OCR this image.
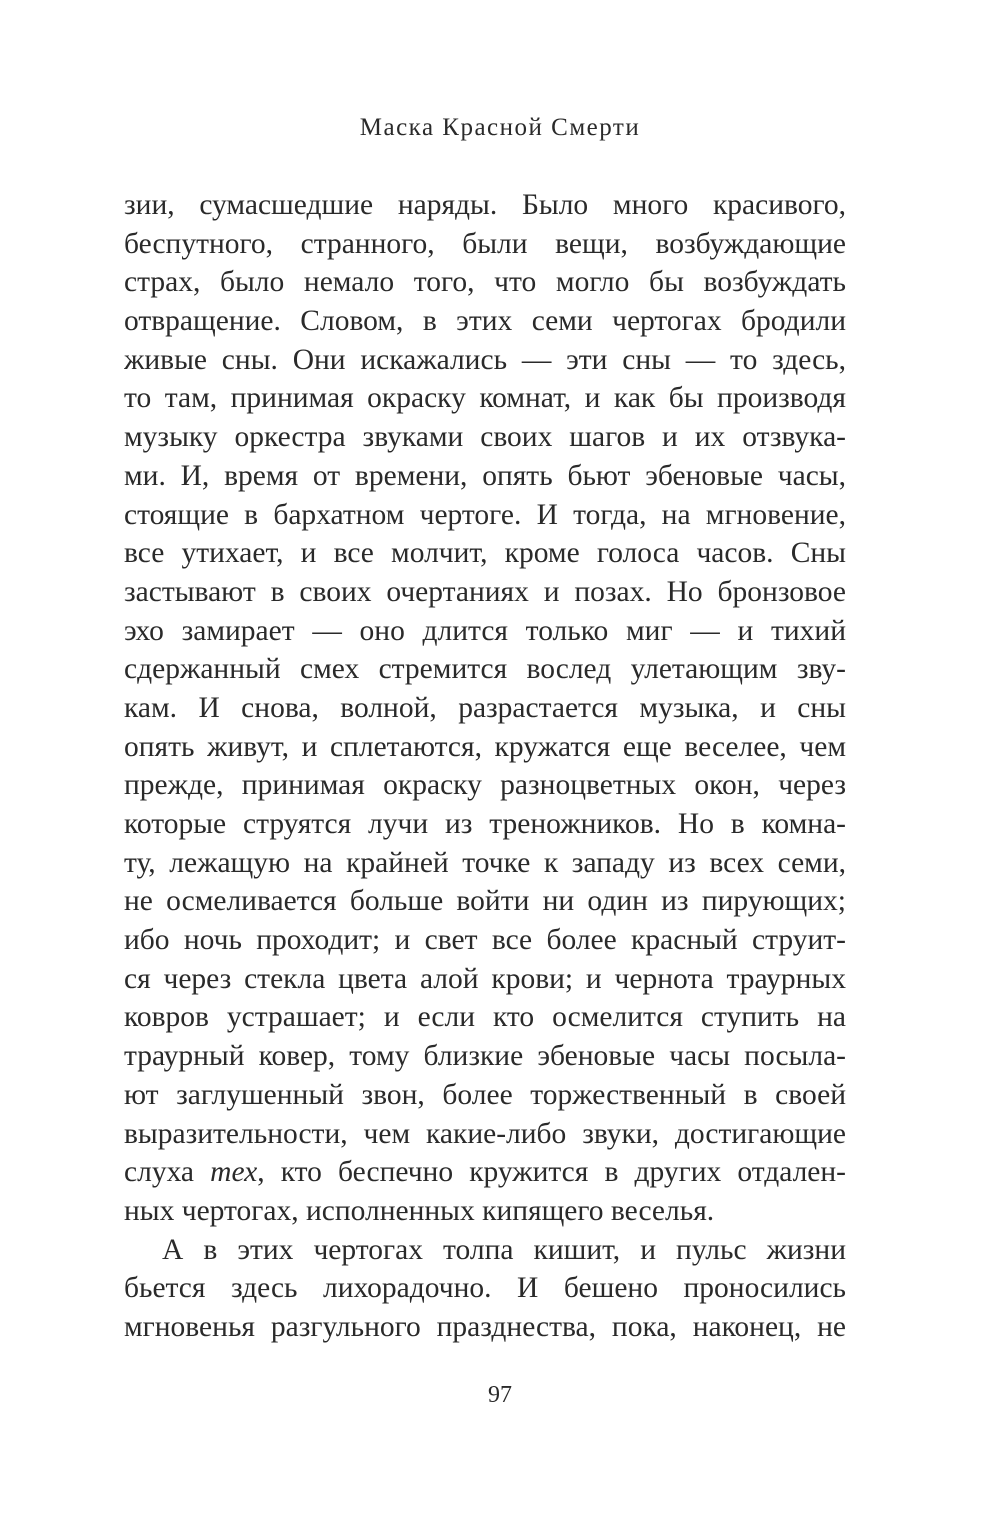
Маска Красной Смерти
зии, сумасшедшие наряды. Было много красивого,
беспутного, странного, были вещи, возбуждающие
страх, было немало того, что могло бы возбуждать
отвращение. Словом, в этих семи чертогах бродили
живые сны. Они искажались — эти сны — то здесь,
то там, принимая окраску комнат, и как бы производя
музыку оркестра звуками своих шагов и их отзвука-
ми. И, время от времени, опять бьют эбеновые часы,
стоящие в бархатном чертоге. И тогда, на мгновение,
все утихает, и все молчит, кроме голоса часов. Сны
застывают в своих очертаниях и позах. Но бронзовое
эхо замирает — оно длится только миг — и тихий
сдержанный смех стремится вослед улетающим зву-
кам. И снова, волной, разрастается музыка, и сны
опять живут, и сплетаются, кружатся еще веселее, чем
прежде, принимая окраску разноцветных окон, через
которые струятся лучи из треножников. Но в комна-
ту, лежащую на крайней точке к западу из всех семи,
не осмеливается больше войти ни один из пирующих;
ибо ночь проходит; и свет все более красный струит-
ся через стекла цвета алой крови; и чернота траурных
ковров устрашает; и если кто осмелится ступить на
траурный ковер, тому близкие эбеновые часы посыла-
ют заглушенный звон, более торжественный в своей
выразительности, чем какие-либо звуки, достигающие
слуха тех, кто беспечно кружится в других отдален-
ных чертогах, исполненных кипящего веселья.
А в этих чертогах толпа кишит, и пульс жизни
бьется здесь лихорадочно. И бешено проносились
мгновенья разгульного празднества, пока, наконец, не
97
